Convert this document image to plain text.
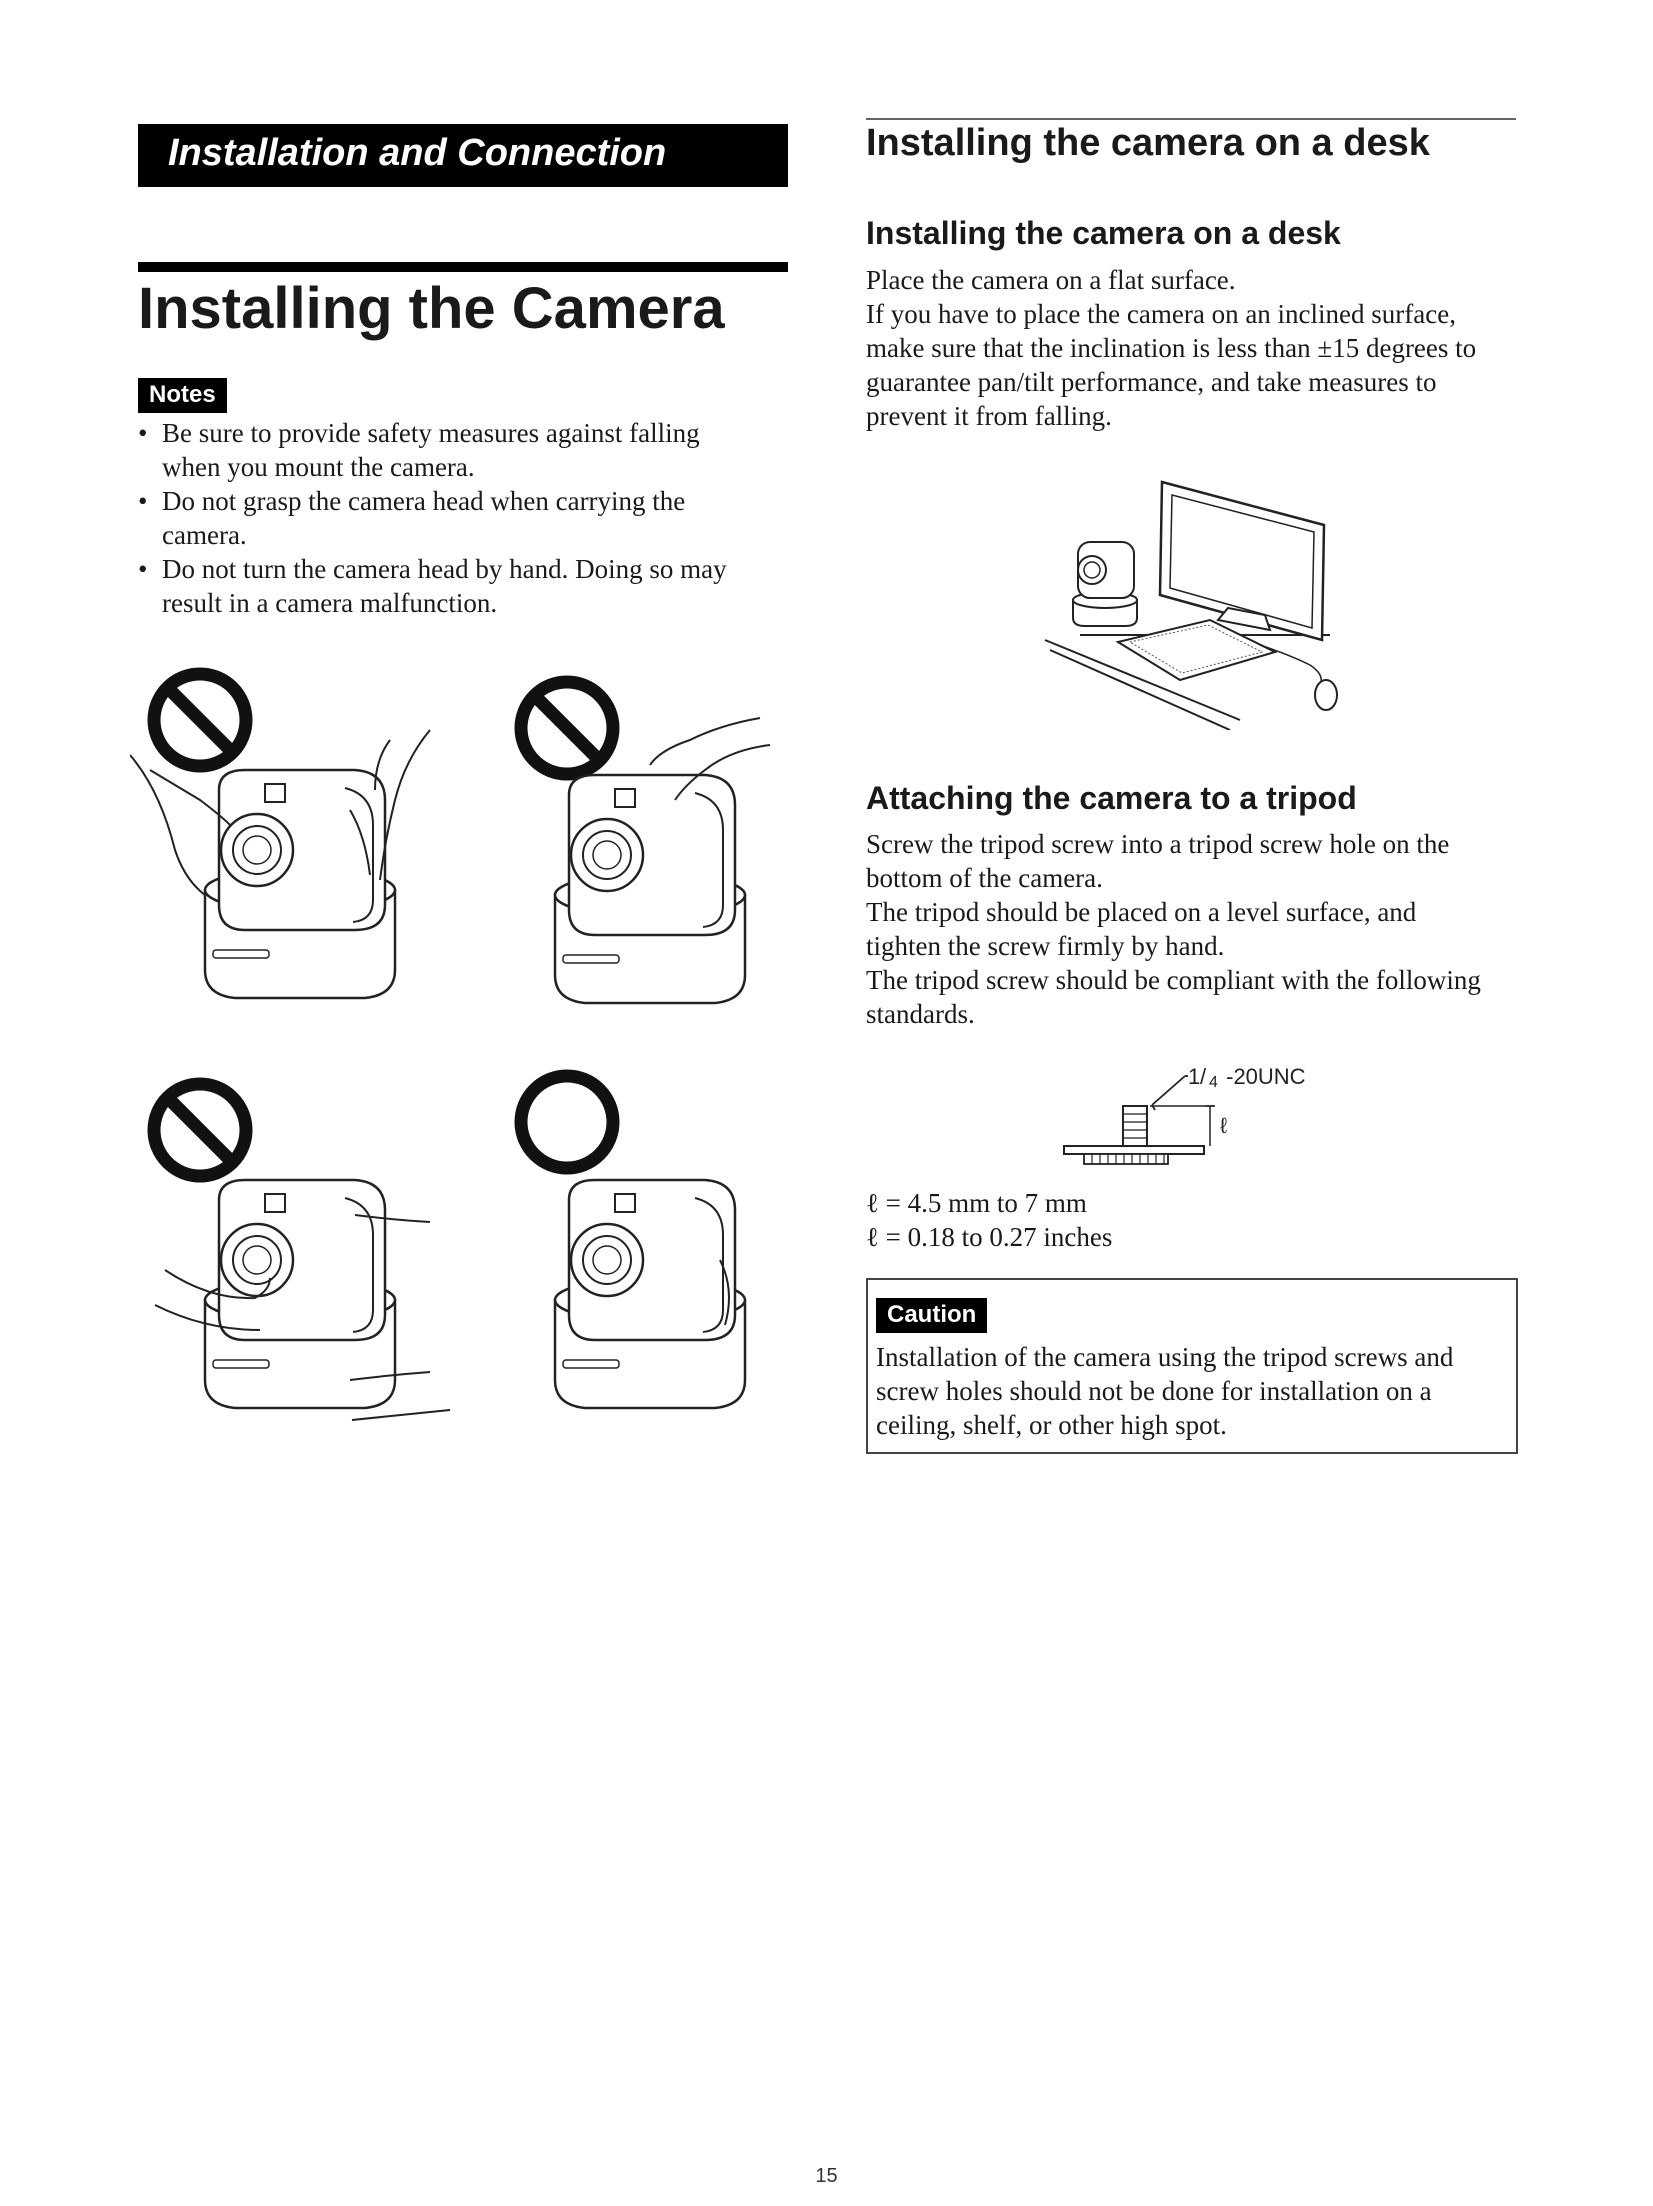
Installation and Connection
Installing the Camera
Notes
• Be sure to provide safety measures against falling
when you mount the camera.
• Do not grasp the camera head when carrying the
camera.
• Do not turn the camera head by hand. Doing so may
result in a camera malfunction.
Installing the camera on a desk
Installing the camera on a desk

Place the camera on a flat surface.
If you have to place the camera on an inclined surface,
make sure that the inclination is less than ±15 degrees to
guarantee pan/tilt performance, and take measures to
prevent it from falling.

Attaching the camera to a tripod

Screw the tripod screw into a tripod screw hole on the
bottom of the camera.
The tripod should be placed on a level surface, and
tighten the screw firmly by hand.
The tripod screw should be compliant with the following
standards.

1 / 4 -20UNC
ℓ

ℓ = 4.5 mm to 7 mm
ℓ = 0.18 to 0.27 inches

Caution

Installation of the camera using the tripod screws and
screw holes should not be done for installation on a
ceiling, shelf, or other high spot.

15
